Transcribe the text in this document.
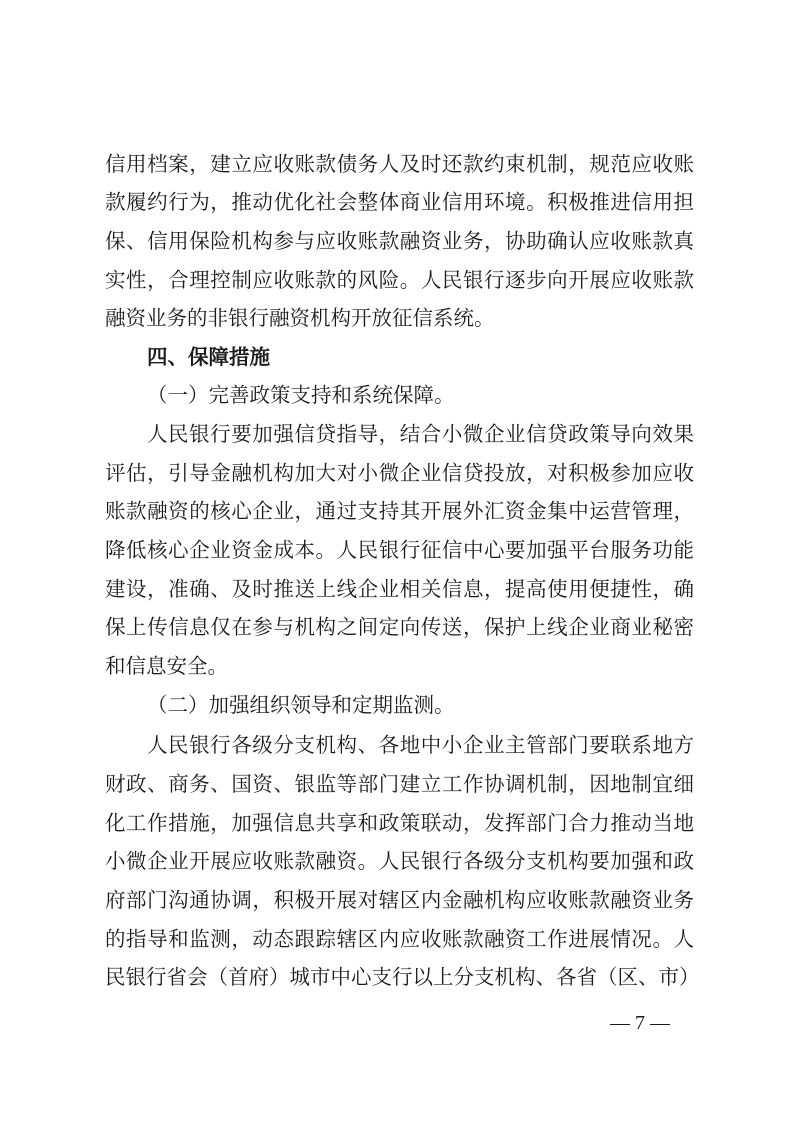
信用档案，建立应收账款债务人及时还款约束机制，规范应收账
款履约行为，推动优化社会整体商业信用环境。积极推进信用担
保、信用保险机构参与应收账款融资业务，协助确认应收账款真
实性，合理控制应收账款的风险。人民银行逐步向开展应收账款
融资业务的非银行融资机构开放征信系统。
四、保障措施
（一）完善政策支持和系统保障。
人民银行要加强信贷指导，结合小微企业信贷政策导向效果
评估，引导金融机构加大对小微企业信贷投放，对积极参加应收
账款融资的核心企业，通过支持其开展外汇资金集中运营管理，
降低核心企业资金成本。人民银行征信中心要加强平台服务功能
建设，准确、及时推送上线企业相关信息，提高使用便捷性，确
保上传信息仅在参与机构之间定向传送，保护上线企业商业秘密
和信息安全。
（二）加强组织领导和定期监测。
人民银行各级分支机构、各地中小企业主管部门要联系地方
财政、商务、国资、银监等部门建立工作协调机制，因地制宜细
化工作措施，加强信息共享和政策联动，发挥部门合力推动当地
小微企业开展应收账款融资。人民银行各级分支机构要加强和政
府部门沟通协调，积极开展对辖区内金融机构应收账款融资业务
的指导和监测，动态跟踪辖区内应收账款融资工作进展情况。人
民银行省会（首府）城市中心支行以上分支机构、各省（区、市）
— 7 —
